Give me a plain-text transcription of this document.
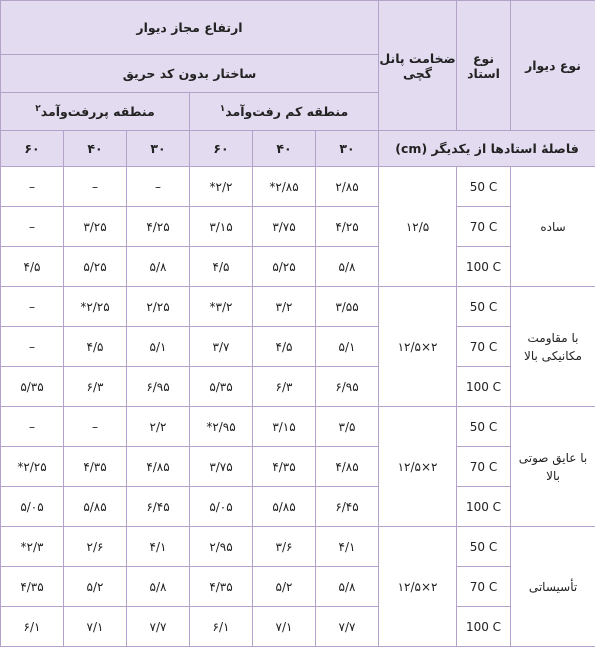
نوع دیوار	نوع استاد	ضخامت پانل گچی	ارتفاع مجاز دیوار					
			ساختار بدون کد حریق					
			منطقه کم رفت‌وآمد$^۱$			منطقه پررفت‌وآمد$^۲$
فاصلهٔ استادها از یکدیگر (cm)			۳۰	۴۰	۶۰	۳۰	۴۰	۶۰
ساده	50 C	۱۲/۵	۲/۸۵	۲/۸۵*	۲/۲*	–	–	–
	70 C		۴/۲۵	۳/۷۵	۳/۱۵	۴/۲۵	۳/۲۵	–
	100 C		۵/۸	۵/۲۵	۴/۵	۵/۸	۵/۲۵	۴/۵
با مقاومت مکانیکی بالا	50 C	۲×۱۲/۵	۳/۵۵	۳/۲	۳/۲*	۲/۲۵	۲/۲۵*	–
	70 C		۵/۱	۴/۵	۳/۷	۵/۱	۴/۵	–
	100 C		۶/۹۵	۶/۳	۵/۳۵	۶/۹۵	۶/۳	۵/۳۵
با عایق صوتی بالا	50 C	۲×۱۲/۵	۳/۵	۳/۱۵	۲/۹۵*	۲/۲	–	–
	70 C		۴/۸۵	۴/۳۵	۳/۷۵	۴/۸۵	۴/۳۵	۲/۲۵*
	100 C		۶/۴۵	۵/۸۵	۵/۰۵	۶/۴۵	۵/۸۵	۵/۰۵
تأسیساتی	50 C	۲×۱۲/۵	۴/۱	۳/۶	۲/۹۵	۴/۱	۲/۶	۲/۳*
	70 C		۵/۸	۵/۲	۴/۳۵	۵/۸	۵/۲	۴/۳۵
	100 C		۷/۷	۷/۱	۶/۱	۷/۷	۷/۱	۶/۱
